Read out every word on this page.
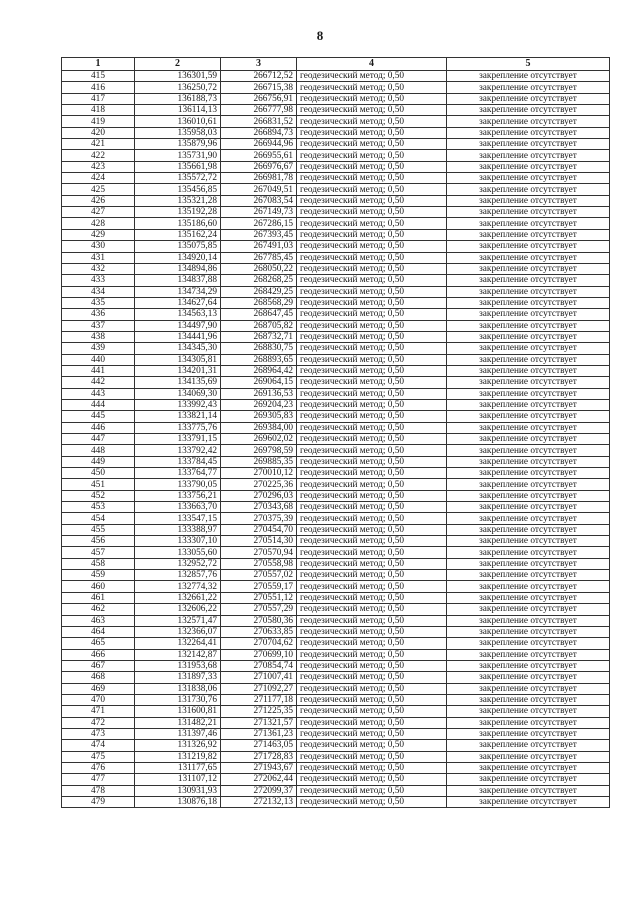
8
1	2	3	4	5
415	136301,59	266712,52	геодезический метод; 0,50	закрепление отсутствует
416	136250,72	266715,38	геодезический метод; 0,50	закрепление отсутствует
417	136188,73	266756,91	геодезический метод; 0,50	закрепление отсутствует
418	136114,13	266777,98	геодезический метод; 0,50	закрепление отсутствует
419	136010,61	266831,52	геодезический метод; 0,50	закрепление отсутствует
420	135958,03	266894,73	геодезический метод; 0,50	закрепление отсутствует
421	135879,96	266944,96	геодезический метод; 0,50	закрепление отсутствует
422	135731,90	266955,61	геодезический метод; 0,50	закрепление отсутствует
423	135661,98	266976,67	геодезический метод; 0,50	закрепление отсутствует
424	135572,72	266981,78	геодезический метод; 0,50	закрепление отсутствует
425	135456,85	267049,51	геодезический метод; 0,50	закрепление отсутствует
426	135321,28	267083,54	геодезический метод; 0,50	закрепление отсутствует
427	135192,28	267149,73	геодезический метод; 0,50	закрепление отсутствует
428	135186,60	267286,15	геодезический метод; 0,50	закрепление отсутствует
429	135162,24	267393,45	геодезический метод; 0,50	закрепление отсутствует
430	135075,85	267491,03	геодезический метод; 0,50	закрепление отсутствует
431	134920,14	267785,45	геодезический метод; 0,50	закрепление отсутствует
432	134894,86	268050,22	геодезический метод; 0,50	закрепление отсутствует
433	134837,88	268268,25	геодезический метод; 0,50	закрепление отсутствует
434	134734,29	268429,25	геодезический метод; 0,50	закрепление отсутствует
435	134627,64	268568,29	геодезический метод; 0,50	закрепление отсутствует
436	134563,13	268647,45	геодезический метод; 0,50	закрепление отсутствует
437	134497,90	268705,82	геодезический метод; 0,50	закрепление отсутствует
438	134441,96	268732,71	геодезический метод; 0,50	закрепление отсутствует
439	134345,30	268830,75	геодезический метод; 0,50	закрепление отсутствует
440	134305,81	268893,65	геодезический метод; 0,50	закрепление отсутствует
441	134201,31	268964,42	геодезический метод; 0,50	закрепление отсутствует
442	134135,69	269064,15	геодезический метод; 0,50	закрепление отсутствует
443	134069,30	269136,53	геодезический метод; 0,50	закрепление отсутствует
444	133992,43	269204,23	геодезический метод; 0,50	закрепление отсутствует
445	133821,14	269305,83	геодезический метод; 0,50	закрепление отсутствует
446	133775,76	269384,00	геодезический метод; 0,50	закрепление отсутствует
447	133791,15	269602,02	геодезический метод; 0,50	закрепление отсутствует
448	133792,42	269798,59	геодезический метод; 0,50	закрепление отсутствует
449	133784,45	269885,35	геодезический метод; 0,50	закрепление отсутствует
450	133764,77	270010,12	геодезический метод; 0,50	закрепление отсутствует
451	133790,05	270225,36	геодезический метод; 0,50	закрепление отсутствует
452	133756,21	270296,03	геодезический метод; 0,50	закрепление отсутствует
453	133663,70	270343,68	геодезический метод; 0,50	закрепление отсутствует
454	133547,15	270375,39	геодезический метод; 0,50	закрепление отсутствует
455	133388,97	270454,70	геодезический метод; 0,50	закрепление отсутствует
456	133307,10	270514,30	геодезический метод; 0,50	закрепление отсутствует
457	133055,60	270570,94	геодезический метод; 0,50	закрепление отсутствует
458	132952,72	270558,98	геодезический метод; 0,50	закрепление отсутствует
459	132857,76	270557,02	геодезический метод; 0,50	закрепление отсутствует
460	132774,32	270559,17	геодезический метод; 0,50	закрепление отсутствует
461	132661,22	270551,12	геодезический метод; 0,50	закрепление отсутствует
462	132606,22	270557,29	геодезический метод; 0,50	закрепление отсутствует
463	132571,47	270580,36	геодезический метод; 0,50	закрепление отсутствует
464	132366,07	270633,85	геодезический метод; 0,50	закрепление отсутствует
465	132264,41	270704,62	геодезический метод; 0,50	закрепление отсутствует
466	132142,87	270699,10	геодезический метод; 0,50	закрепление отсутствует
467	131953,68	270854,74	геодезический метод; 0,50	закрепление отсутствует
468	131897,33	271007,41	геодезический метод; 0,50	закрепление отсутствует
469	131838,06	271092,27	геодезический метод; 0,50	закрепление отсутствует
470	131730,76	271177,18	геодезический метод; 0,50	закрепление отсутствует
471	131600,81	271225,35	геодезический метод; 0,50	закрепление отсутствует
472	131482,21	271321,57	геодезический метод; 0,50	закрепление отсутствует
473	131397,46	271361,23	геодезический метод; 0,50	закрепление отсутствует
474	131326,92	271463,05	геодезический метод; 0,50	закрепление отсутствует
475	131219,82	271728,83	геодезический метод; 0,50	закрепление отсутствует
476	131177,65	271943,67	геодезический метод; 0,50	закрепление отсутствует
477	131107,12	272062,44	геодезический метод; 0,50	закрепление отсутствует
478	130931,93	272099,37	геодезический метод; 0,50	закрепление отсутствует
479	130876,18	272132,13	геодезический метод; 0,50	закрепление отсутствует
